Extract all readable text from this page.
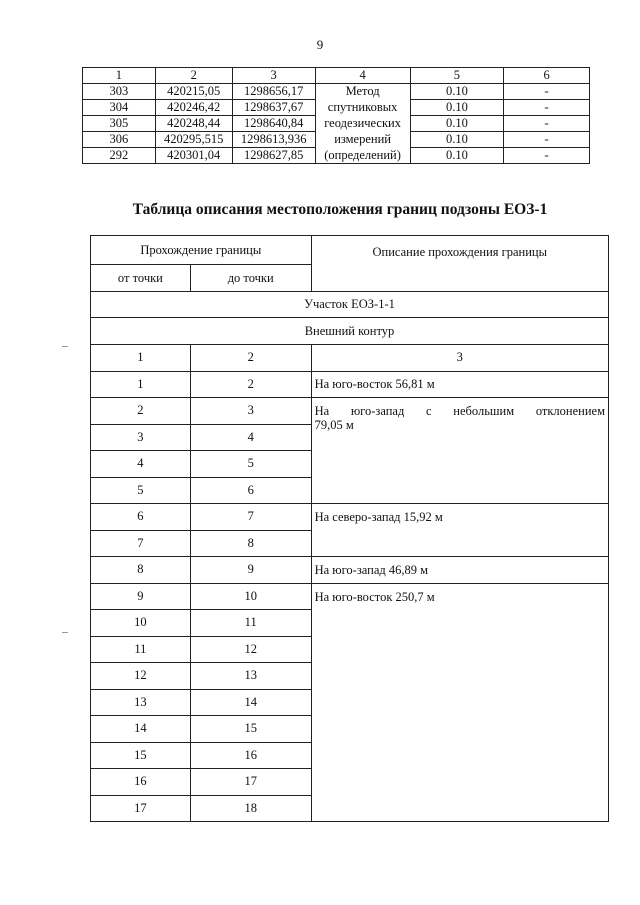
9
1	2	3	4	5	6
303	420215,05	1298656,17	Метод	0.10	-
304	420246,42	1298637,67	спутниковых	0.10	-
305	420248,44	1298640,84	геодезических	0.10	-
306	420295,515	1298613,936	измерений	0.10	-
292	420301,04	1298627,85	(определений)	0.10	-
Таблица описания местоположения границ подзоны ЕОЗ-1
Прохождение границы		Описание прохождения границы
от точки	до точки	
Участок ЕОЗ-1-1		
Внешний контур		
1	2	3
1	2	На юго-восток 56,81 м
2	3	На юго-запад с небольшим отклонением
79,05 м
3	4	
4	5	
5	6	
6	7	На северо-запад 15,92 м
7	8	
8	9	На юго-запад 46,89 м
9	10	На юго-восток 250,7 м
10	11	
11	12	
12	13	
13	14	
14	15	
15	16	
16	17	
17	18	
